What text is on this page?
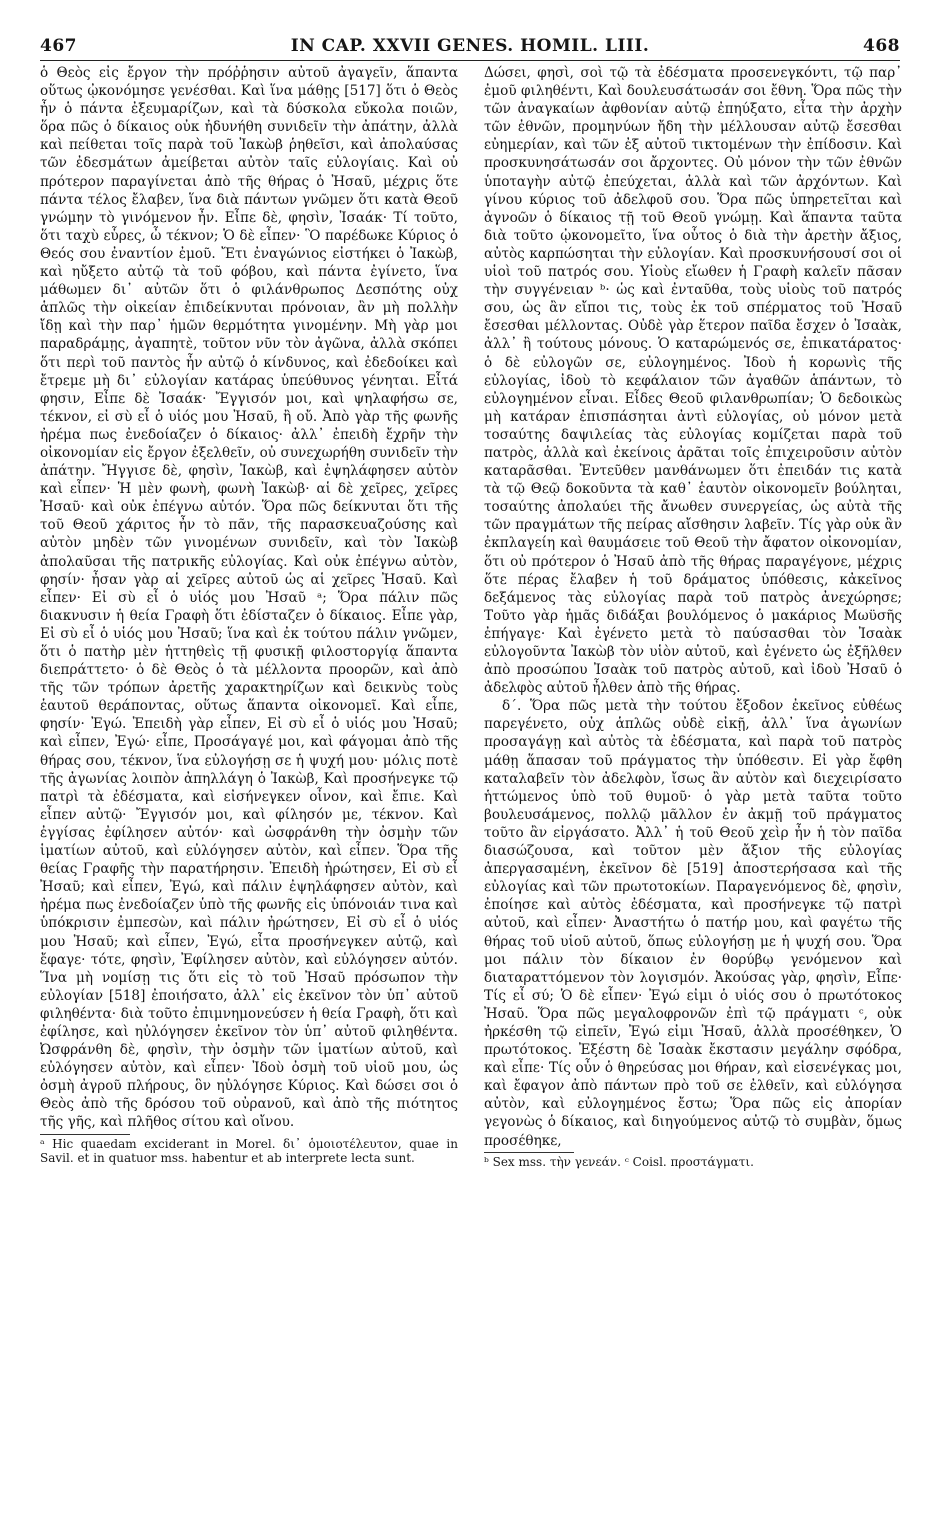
467	IN CAP. XXVII GENES. HOMIL. LIII.	468

ὁ Θεὸς εἰς ἔργον τὴν πρόῤῥησιν αὐτοῦ ἀγαγεῖν, ἅπαντα οὕτως ᾠκονόμησε γενέσθαι. Καὶ ἵνα μάθῃς [517] ὅτι ὁ Θεὸς ἦν ὁ πάντα ἐξευμαρίζων, καὶ τὰ δύσκολα εὔκολα ποιῶν, ὅρα πῶς ὁ δίκαιος οὐκ ἠδυνήθη συνιδεῖν τὴν ἀπάτην, ἀλλὰ καὶ πείθεται τοῖς παρὰ τοῦ Ἰακὼβ ῥηθεῖσι, καὶ ἀπολαύσας τῶν ἐδεσμάτων ἀμείβεται αὐτὸν ταῖς εὐλογίαις. Καὶ οὐ πρότερον παραγίνεται ἀπὸ τῆς θήρας ὁ Ἠσαῦ, μέχρις ὅτε πάντα τέλος ἔλαβεν, ἵνα διὰ πάντων γνῶμεν ὅτι κατὰ Θεοῦ γνώμην τὸ γινόμενον ἦν. Εἶπε δὲ, φησὶν, Ἰσαάκ· Τί τοῦτο, ὅτι ταχὺ εὗρες, ὦ τέκνον; Ὁ δὲ εἶπεν· Ὃ παρέδωκε Κύριος ὁ Θεός σου ἐναντίον ἐμοῦ. Ἔτι ἐναγώνιος εἰστήκει ὁ Ἰακὼβ, καὶ ηὔξετο αὐτῷ τὰ τοῦ φόβου, καὶ πάντα ἐγίνετο, ἵνα μάθωμεν δι᾽ αὐτῶν ὅτι ὁ φιλάνθρωπος Δεσπότης οὐχ ἁπλῶς τὴν οἰκείαν ἐπιδείκνυται πρόνοιαν, ἂν μὴ πολλὴν ἴδῃ καὶ τὴν παρ᾽ ἡμῶν θερμότητα γινομένην. Μὴ γὰρ μοι παραδράμῃς, ἀγαπητὲ, τοῦτον νῦν τὸν ἀγῶνα, ἀλλὰ σκόπει ὅτι περὶ τοῦ παντὸς ἦν αὐτῷ ὁ κίνδυνος, καὶ ἐδεδοίκει καὶ ἔτρεμε μὴ δι᾽ εὐλογίαν κατάρας ὑπεύθυνος γένηται. Εἶτά φησιν, Εἶπε δὲ Ἰσαάκ· Ἔγγισόν μοι, καὶ ψηλαφήσω σε, τέκνον, εἰ σὺ εἶ ὁ υἱός μου Ἠσαῦ, ἢ οὔ. Ἀπὸ γὰρ τῆς φωνῆς ἠρέμα πως ἐνεδοίαζεν ὁ δίκαιος· ἀλλ᾽ ἐπειδὴ ἔχρῆν τὴν οἰκονομίαν εἰς ἔργον ἐξελθεῖν, οὐ συνεχωρήθη συνιδεῖν τὴν ἀπάτην. Ἤγγισε δὲ, φησὶν, Ἰακὼβ, καὶ ἐψηλάφησεν αὐτὸν καὶ εἶπεν· Ἡ μὲν φωνὴ, φωνὴ Ἰακὼβ· αἱ δὲ χεῖρες, χεῖρες Ἠσαῦ· καὶ οὐκ ἐπέγνω αὐτόν. Ὅρα πῶς δείκνυται ὅτι τῆς τοῦ Θεοῦ χάριτος ἦν τὸ πᾶν, τῆς παρασκευαζούσης καὶ αὐτὸν μηδὲν τῶν γινομένων συνιδεῖν, καὶ τὸν Ἰακὼβ ἀπολαῦσαι τῆς πατρικῆς εὐλογίας. Καὶ οὐκ ἐπέγνω αὐτὸν, φησίν· ἦσαν γὰρ αἱ χεῖρες αὐτοῦ ὡς αἱ χεῖρες Ἠσαῦ. Καὶ εἶπεν· Εἰ σὺ εἶ ὁ υἱός μου Ἠσαῦ ᵃ; Ὅρα πάλιν πῶς διακνυσιν ἡ θεία Γραφὴ ὅτι ἐδίσταζεν ὁ δίκαιος. Εἶπε γὰρ, Εἰ σὺ εἶ ὁ υἱός μου Ἠσαῦ; ἵνα καὶ ἐκ τούτου πάλιν γνῶμεν, ὅτι ὁ πατὴρ μὲν ἡττηθεὶς τῇ φυσικῇ φιλοστοργίᾳ ἅπαντα διεπράττετο· ὁ δὲ Θεὸς ὁ τὰ μέλλοντα προορῶν, καὶ ἀπὸ τῆς τῶν τρόπων ἀρετῆς χαρακτηρίζων καὶ δεικνὺς τοὺς ἑαυτοῦ θεράποντας, οὕτως ἅπαντα οἰκονομεῖ. Καὶ εἶπε, φησίν· Ἐγώ. Ἐπειδὴ γὰρ εἶπεν, Εἰ σὺ εἶ ὁ υἱός μου Ἠσαῦ; καὶ εἶπεν, Ἐγώ· εἶπε, Προσάγαγέ μοι, καὶ φάγομαι ἀπὸ τῆς θήρας σου, τέκνον, ἵνα εὐλογήσῃ σε ἡ ψυχή μου· μόλις ποτὲ τῆς ἀγωνίας λοιπὸν ἀπηλλάγη ὁ Ἰακὼβ, Καὶ προσήνεγκε τῷ πατρὶ τὰ ἐδέσματα, καὶ εἰσήνεγκεν οἶνον, καὶ ἔπιε. Καὶ εἶπεν αὐτῷ· Ἔγγισόν μοι, καὶ φίλησόν με, τέκνον. Καὶ ἐγγίσας ἐφίλησεν αὐτόν· καὶ ὠσφράνθη τὴν ὀσμὴν τῶν ἱματίων αὐτοῦ, καὶ εὐλόγησεν αὐτὸν, καὶ εἶπεν. Ὅρα τῆς θείας Γραφῆς τὴν παρατήρησιν. Ἐπειδὴ ἠρώτησεν, Εἰ σὺ εἶ Ἠσαῦ; καὶ εἶπεν, Ἐγώ, καὶ πάλιν ἐψηλάφησεν αὐτὸν, καὶ ἠρέμα πως ἐνεδοίαζεν ὑπὸ τῆς φωνῆς εἰς ὑπόνοιάν τινα καὶ ὑπόκρισιν ἐμπεσὼν, καὶ πάλιν ἠρώτησεν, Εἰ σὺ εἶ ὁ υἱός μου Ἠσαῦ; καὶ εἶπεν, Ἐγώ, εἶτα προσήνεγκεν αὐτῷ, καὶ ἔφαγε· τότε, φησὶν, Ἐφίλησεν αὐτὸν, καὶ εὐλόγησεν αὐτόν. Ἵνα μὴ νομίσῃ τις ὅτι εἰς τὸ τοῦ Ἠσαῦ πρόσωπον τὴν εὐλογίαν [518] ἐποιήσατο, ἀλλ᾽ εἰς ἐκεῖνον τὸν ὑπ᾽ αὐτοῦ φιληθέντα· διὰ τοῦτο ἐπιμνημονεύσεν ἡ θεία Γραφὴ, ὅτι καὶ ἐφίλησε, καὶ ηὐλόγησεν ἐκεῖνον τὸν ὑπ᾽ αὐτοῦ φιληθέντα. Ὠσφράνθη δὲ, φησὶν, τὴν ὀσμὴν τῶν ἱματίων αὐτοῦ, καὶ εὐλόγησεν αὐτὸν, καὶ εἶπεν· Ἰδοὺ ὀσμὴ τοῦ υἱοῦ μου, ὡς ὀσμὴ ἀγροῦ πλήρους, ὃν ηὐλόγησε Κύριος. Καὶ δώσει σοι ὁ Θεὸς ἀπὸ τῆς δρόσου τοῦ οὐρανοῦ, καὶ ἀπὸ τῆς πιότητος τῆς γῆς, καὶ πλῆθος σίτου καὶ οἴνου.

ᵃ Hic quaedam exciderant in Morel. δι᾽ ὁμοιοτέλευτον, quae in Savil. et in quatuor mss. habentur et ab interprete lecta sunt.

Δώσει, φησὶ, σοὶ τῷ τὰ ἐδέσματα προσενεγκόντι, τῷ παρ᾽ ἐμοῦ φιληθέντι, Καὶ δουλευσάτωσάν σοι ἔθνη. Ὅρα πῶς τὴν τῶν ἀναγκαίων ἀφθονίαν αὐτῷ ἐπηύξατο, εἶτα τὴν ἀρχὴν τῶν ἐθνῶν, προμηνύων ἤδη τὴν μέλλουσαν αὐτῷ ἔσεσθαι εὐημερίαν, καὶ τῶν ἐξ αὐτοῦ τικτομένων τὴν ἐπίδοσιν. Καὶ προσκυνησάτωσάν σοι ἄρχοντες. Οὐ μόνον τὴν τῶν ἐθνῶν ὑποταγὴν αὐτῷ ἐπεύχεται, ἀλλὰ καὶ τῶν ἀρχόντων. Καὶ γίνου κύριος τοῦ ἀδελφοῦ σου. Ὅρα πῶς ὑπηρετεῖται καὶ ἀγνοῶν ὁ δίκαιος τῇ τοῦ Θεοῦ γνώμῃ. Καὶ ἅπαντα ταῦτα διὰ τοῦτο ᾠκονομεῖτο, ἵνα οὗτος ὁ διὰ τὴν ἀρετὴν ἄξιος, αὐτὸς καρπώσηται τὴν εὐλογίαν. Καὶ προσκυνήσουσί σοι οἱ υἱοὶ τοῦ πατρός σου. Υἱοὺς εἴωθεν ἡ Γραφὴ καλεῖν πᾶσαν τὴν συγγένειαν ᵇ· ὡς καὶ ἐνταῦθα, τοὺς υἱοὺς τοῦ πατρός σου, ὡς ἂν εἴποι τις, τοὺς ἐκ τοῦ σπέρματος τοῦ Ἠσαῦ ἔσεσθαι μέλλοντας. Οὐδὲ γὰρ ἕτερον παῖδα ἔσχεν ὁ Ἰσαὰκ, ἀλλ᾽ ἢ τούτους μόνους. Ὁ καταρώμενός σε, ἐπικατάρατος· ὁ δὲ εὐλογῶν σε, εὐλογημένος. Ἰδοὺ ἡ κορωνὶς τῆς εὐλογίας, ἰδοὺ τὸ κεφάλαιον τῶν ἀγαθῶν ἁπάντων, τὸ εὐλογημένον εἶναι. Εἶδες Θεοῦ φιλανθρωπίαν; Ὁ δεδοικὼς μὴ κατάραν ἐπισπάσηται ἀντὶ εὐλογίας, οὐ μόνον μετὰ τοσαύτης δαψιλείας τὰς εὐλογίας κομίζεται παρὰ τοῦ πατρὸς, ἀλλὰ καὶ ἐκείνοις ἀρᾶται τοῖς ἐπιχειροῦσιν αὐτὸν καταρᾶσθαι. Ἐντεῦθεν μανθάνωμεν ὅτι ἐπειδάν τις κατὰ τὰ τῷ Θεῷ δοκοῦντα τὰ καθ᾽ ἑαυτὸν οἰκονομεῖν βούληται, τοσαύτης ἀπολαύει τῆς ἄνωθεν συνεργείας, ὡς αὐτὰ τῆς τῶν πραγμάτων τῆς πείρας αἴσθησιν λαβεῖν. Τίς γὰρ οὐκ ἂν ἐκπλαγείη καὶ θαυμάσειε τοῦ Θεοῦ τὴν ἄφατον οἰκονομίαν, ὅτι οὐ πρότερον ὁ Ἠσαῦ ἀπὸ τῆς θήρας παραγέγονε, μέχρις ὅτε πέρας ἔλαβεν ἡ τοῦ δράματος ὑπόθεσις, κἀκεῖνος δεξάμενος τὰς εὐλογίας παρὰ τοῦ πατρὸς ἀνεχώρησε; Τοῦτο γὰρ ἡμᾶς διδάξαι βουλόμενος ὁ μακάριος Μωϋσῆς ἐπήγαγε· Καὶ ἐγένετο μετὰ τὸ παύσασθαι τὸν Ἰσαὰκ εὐλογοῦντα Ἰακὼβ τὸν υἱὸν αὐτοῦ, καὶ ἐγένετο ὡς ἐξῆλθεν ἀπὸ προσώπου Ἰσαὰκ τοῦ πατρὸς αὐτοῦ, καὶ ἰδοὺ Ἠσαῦ ὁ ἀδελφὸς αὐτοῦ ἦλθεν ἀπὸ τῆς θήρας.

δ΄. Ὅρα πῶς μετὰ τὴν τούτου ἔξοδον ἐκεῖνος εὐθέως παρεγένετο, οὐχ ἁπλῶς οὐδὲ εἰκῇ, ἀλλ᾽ ἵνα ἀγωνίων προσαγάγῃ καὶ αὐτὸς τὰ ἐδέσματα, καὶ παρὰ τοῦ πατρὸς μάθῃ ἅπασαν τοῦ πράγματος τὴν ὑπόθεσιν. Εἰ γὰρ ἔφθη καταλαβεῖν τὸν ἀδελφὸν, ἴσως ἂν αὐτὸν καὶ διεχειρίσατο ἡττώμενος ὑπὸ τοῦ θυμοῦ· ὁ γὰρ μετὰ ταῦτα τοῦτο βουλευσάμενος, πολλῷ μᾶλλον ἐν ἀκμῇ τοῦ πράγματος τοῦτο ἂν εἰργάσατο. Ἀλλ᾽ ἡ τοῦ Θεοῦ χεὶρ ἦν ἡ τὸν παῖδα διασώζουσα, καὶ τοῦτον μὲν ἄξιον τῆς εὐλογίας ἀπεργασαμένη, ἐκεῖνον δὲ [519] ἀποστερήσασα καὶ τῆς εὐλογίας καὶ τῶν πρωτοτοκίων. Παραγενόμενος δὲ, φησὶν, ἐποίησε καὶ αὐτὸς ἐδέσματα, καὶ προσήνεγκε τῷ πατρὶ αὐτοῦ, καὶ εἶπεν· Ἀναστήτω ὁ πατήρ μου, καὶ φαγέτω τῆς θήρας τοῦ υἱοῦ αὐτοῦ, ὅπως εὐλογήσῃ με ἡ ψυχή σου. Ὅρα μοι πάλιν τὸν δίκαιον ἐν θορύβῳ γενόμενον καὶ διαταραττόμενον τὸν λογισμόν. Ἀκούσας γὰρ, φησὶν, Εἶπε· Τίς εἶ σύ; Ὁ δὲ εἶπεν· Ἐγώ εἰμι ὁ υἱός σου ὁ πρωτότοκος Ἠσαῦ. Ὅρα πῶς μεγαλοφρονῶν ἐπὶ τῷ πράγματι ᶜ, οὐκ ἠρκέσθη τῷ εἰπεῖν, Ἐγώ εἰμι Ἠσαῦ, ἀλλὰ προσέθηκεν, Ὁ πρωτότοκος. Ἐξέστη δὲ Ἰσαὰκ ἔκστασιν μεγάλην σφόδρα, καὶ εἶπε· Τίς οὖν ὁ θηρεύσας μοι θήραν, καὶ εἰσενέγκας μοι, καὶ ἔφαγον ἀπὸ πάντων πρὸ τοῦ σε ἐλθεῖν, καὶ εὐλόγησα αὐτὸν, καὶ εὐλογημένος ἔστω; Ὅρα πῶς εἰς ἀπορίαν γεγονὼς ὁ δίκαιος, καὶ διηγούμενος αὐτῷ τὸ συμβὰν, ὅμως προσέθηκε,

ᵇ Sex mss. τὴν γενεάν. ᶜ Coisl. προστάγματι.
